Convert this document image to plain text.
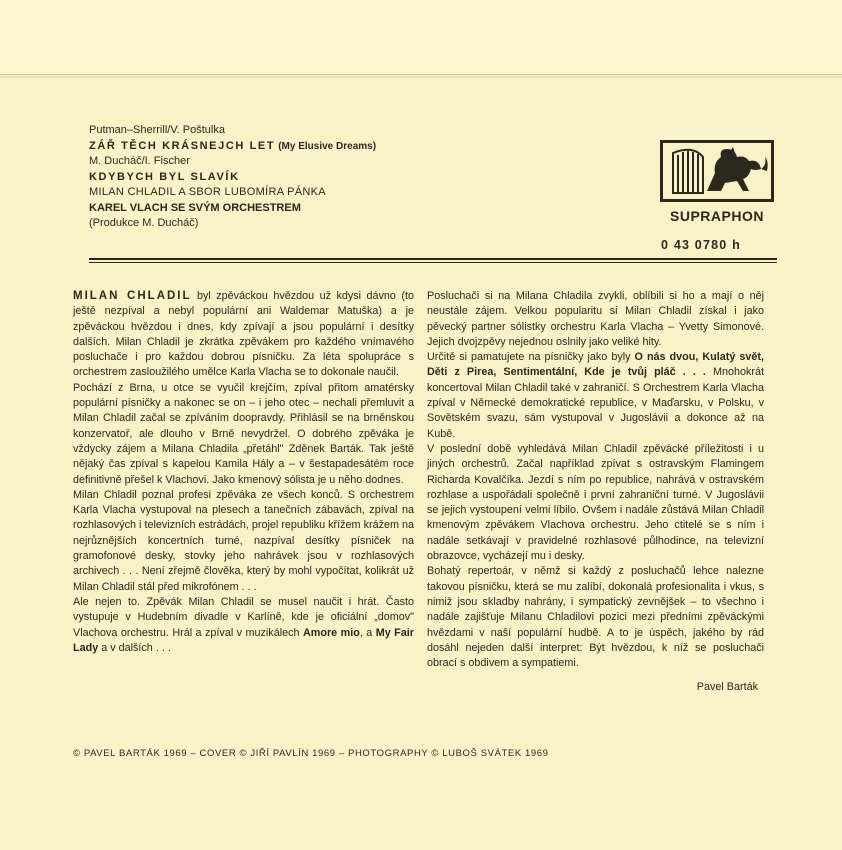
Putman–Sherrill/V. Poštulka
ZÁŘ TĚCH KRÁSNEJCH LET (My Elusive Dreams)
M. Ducháč/I. Fischer
KDYBYCH BYL SLAVÍK
MILAN CHLADIL A SBOR LUBOMÍRA PÁNKA
KAREL VLACH SE SVÝM ORCHESTREM
(Produkce M. Ducháč)	SUPRAPHON
0 43 0780 h

MILAN CHLADIL byl zpěváckou hvězdou už kdysi dávno (to ještě nezpíval a nebyl populární ani Waldemar Matuška) a je zpěváckou hvězdou i dnes, kdy zpívají a jsou populární i desítky dalších. Milan Chladil je zkrátka zpěvákem pro každého vnímavého posluchače i pro každou dobrou písničku. Za léta spolupráce s orchestrem zasloužilého umělce Karla Vlacha se to dokonale naučil.

Pochází z Brna, u otce se vyučil krejčím, zpíval přitom amatérsky populární písničky a nakonec se on – i jeho otec – nechali přemluvit a Milan Chladil začal se zpíváním doopravdy. Přihlásil se na brněnskou konzervatoř, ale dlouho v Brně nevydržel. O dobrého zpěváka je vždycky zájem a Milana Chladila „přetáhl" Zděnek Barták. Tak ještě nějaký čas zpíval s kapelou Kamila Hály a – v šestapadesátém roce definitivně přešel k Vlachovi. Jako kmenový sólista je u něho dodnes.

Milan Chladil poznal profesi zpěváka ze všech konců. S orchestrem Karla Vlacha vystupoval na plesech a tanečních zábavách, zpíval na rozhlasových i televizních estrádách, projel republiku křížem krážem na nejrůznějších koncertních turné, nazpíval desítky písniček na gramofonové desky, stovky jeho nahrávek jsou v rozhlasových archivech . . . Není zřejmě člověka, který by mohl vypočítat, kolikrát už Milan Chladil stál před mikrofónem . . .

Ale nejen to. Zpěvák Milan Chladil se musel naučit i hrát. Často vystupuje v Hudebním divadle v Karlíně, kde je oficiální „domov" Vlachova orchestru. Hrál a zpíval v muzikálech Amore mio, a My Fair Lady a v dalších . . .

Posluchači si na Milana Chladila zvykli, oblíbili si ho a mají o něj neustále zájem. Velkou popularitu si Milan Chladil získal i jako pěvecký partner sólistky orchestru Karla Vlacha – Yvetty Simonové. Jejich dvojzpěvy nejednou oslnily jako veliké hity.

Určitě si pamatujete na písničky jako byly O nás dvou, Kulatý svět, Děti z Pirea, Sentimentální, Kde je tvůj pláč . . . Mnohokrát koncertoval Milan Chladil také v zahraničí. S Orchestrem Karla Vlacha zpíval v Německé demokratické republice, v Maďarsku, v Polsku, v Sovětském svazu, sám vystupoval v Jugoslávii a dokonce až na Kubě.

V poslední době vyhledává Milan Chladil zpěvácké příležitosti i u jiných orchestrů. Začal například zpívat s ostravským Flamingem Richarda Kovalčíka. Jezdí s ním po republice, nahrává v ostravském rozhlase a uspořádali společně i první zahraniční turné. V Jugoslávii se jejich vystoupení velmi líbilo. Ovšem i nadále zůstává Milan Chladil kmenovým zpěvákem Vlachova orchestru. Jeho ctitelé se s ním i nadále setkávají v pravidelné rozhlasové půlhodince, na televizní obrazovce, vycházejí mu i desky.

Bohatý repertoár, v němž si každý z posluchačů lehce nalezne takovou písničku, která se mu zalíbí, dokonalá profesionalita i vkus, s nimiž jsou skladby nahrány, i sympatický zevnějšek – to všechno i nadále zajišťuje Milanu Chladilovi pozici mezi předními zpěváckými hvězdami v naší populární hudbě. A to je úspěch, jakého by rád dosáhl nejeden další interpret: Být hvězdou, k níž se posluchači obrací s obdivem a sympatiemi.

Pavel Barták

© PAVEL BARTÁK 1969 – COVER © JIŘÍ PAVLÍN 1969 – PHOTOGRAPHY © LUBOŠ SVÁTEK 1969
